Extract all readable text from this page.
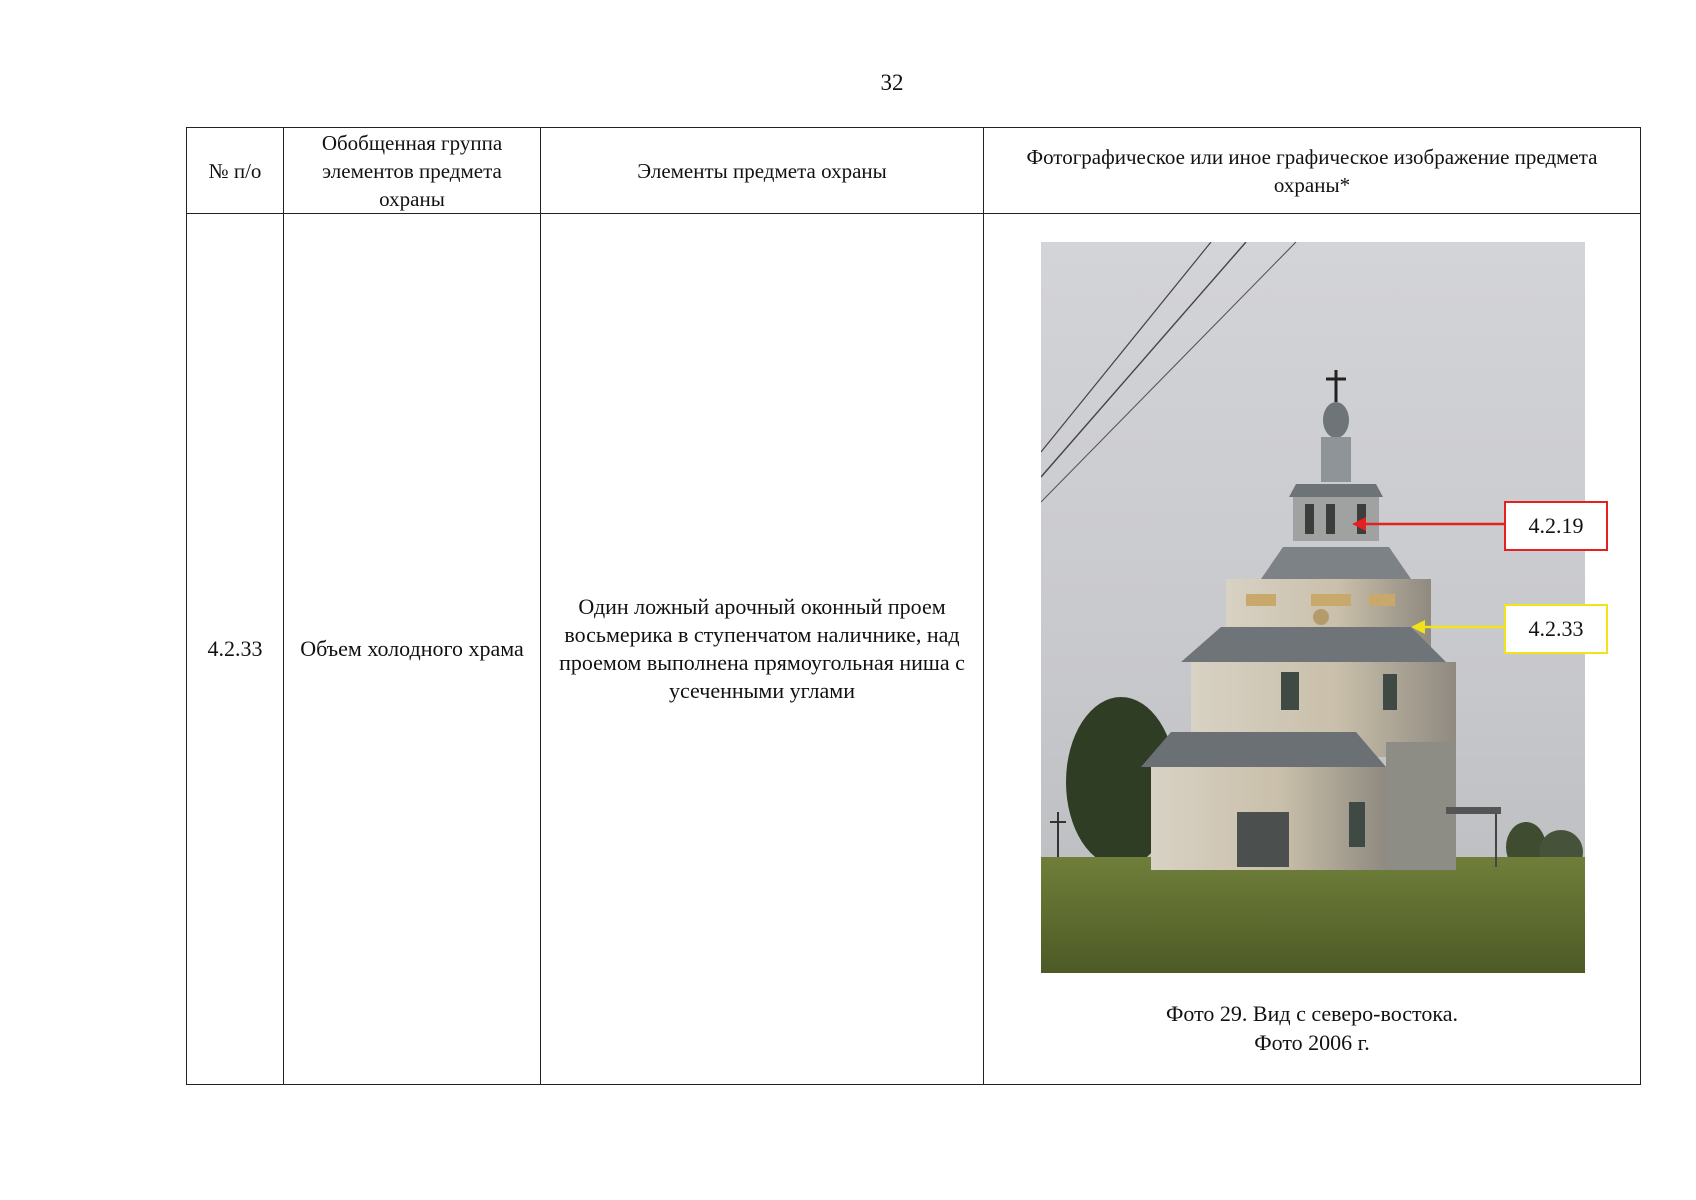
32
№ п/о	Обобщенная группа элементов предмета охраны	Элементы предмета охраны	Фотографическое или иное графическое изображение предмета охраны*
4.2.33	Объем холодного храма	Один ложный арочный оконный проем восьмерика в ступенчатом наличнике, над проемом выполнена прямоугольная ниша с усеченными углами	4.2.19
4.2.33
Фото 29. Вид с северо-востока.
Фото 2006 г.
